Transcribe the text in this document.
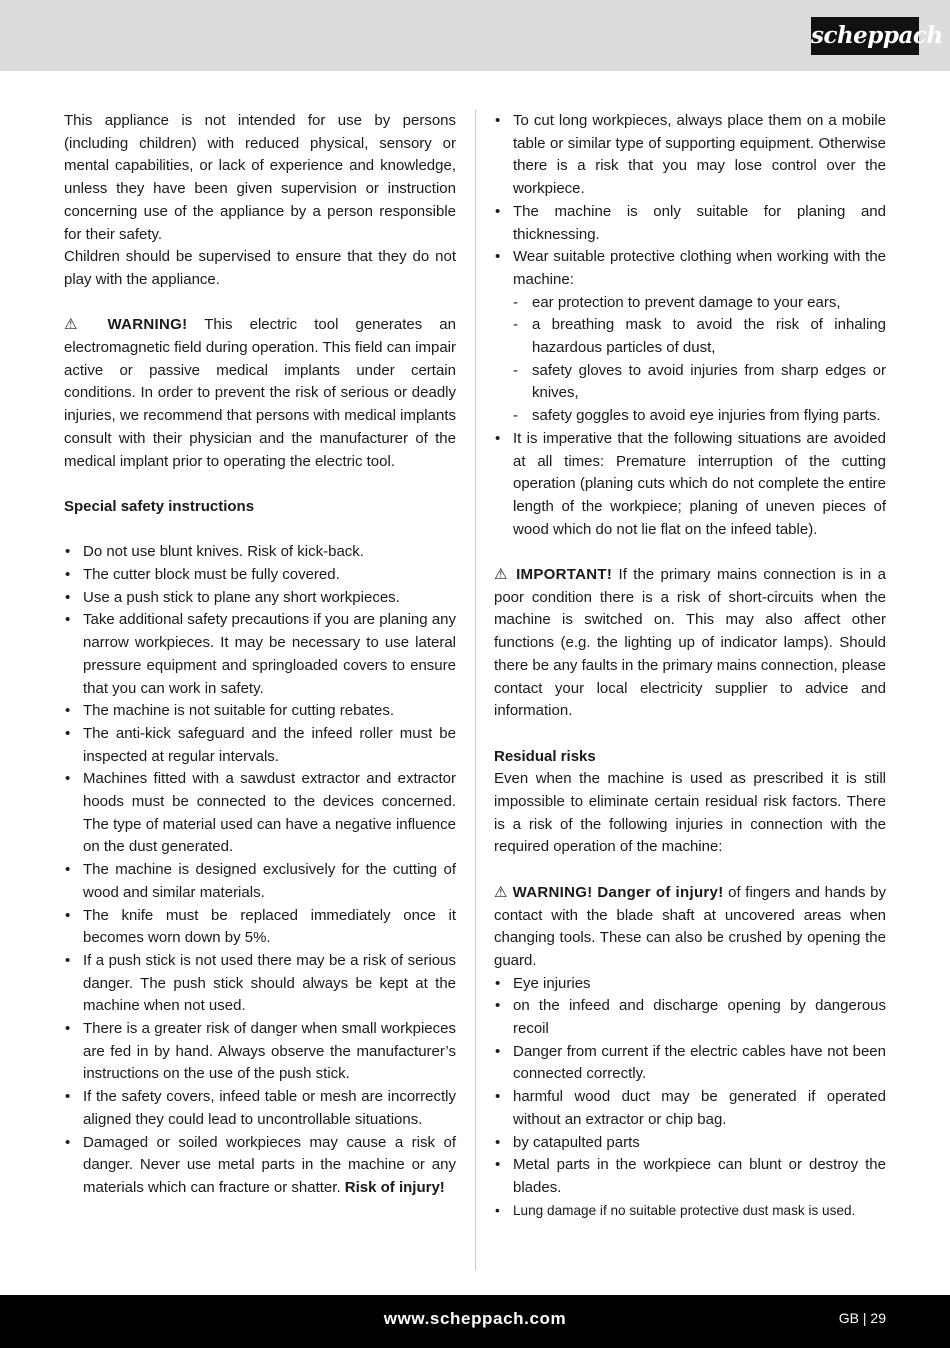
scheppach

This appliance is not intended for use by persons (including children) with reduced physical, sensory or mental capabilities, or lack of experience and knowledge, unless they have been given supervision or instruction concerning use of the appliance by a person responsible for their safety.

Children should be supervised to ensure that they do not play with the appliance.

⚠ WARNING! This electric tool generates an electromagnetic field during operation. This field can impair active or passive medical implants under certain conditions. In order to prevent the risk of serious or deadly injuries, we recommend that persons with medical implants consult with their physician and the manufacturer of the medical implant prior to operating the electric tool.

Special safety instructions

• Do not use blunt knives. Risk of kick-back.
• The cutter block must be fully covered.
• Use a push stick to plane any short workpieces.
• Take additional safety precautions if you are planing any narrow workpieces. It may be necessary to use lateral pressure equipment and springloaded covers to ensure that you can work in safety.
• The machine is not suitable for cutting rebates.
• The anti-kick safeguard and the infeed roller must be inspected at regular intervals.
• Machines fitted with a sawdust extractor and extractor hoods must be connected to the devices concerned. The type of material used can have a negative influence on the dust generated.
• The machine is designed exclusively for the cutting of wood and similar materials.
• The knife must be replaced immediately once it becomes worn down by 5%.
• If a push stick is not used there may be a risk of serious danger. The push stick should always be kept at the machine when not used.
• There is a greater risk of danger when small workpieces are fed in by hand. Always observe the manufacturer’s instructions on the use of the push stick.
• If the safety covers, infeed table or mesh are incorrectly aligned they could lead to uncontrollable situations.
• Damaged or soiled workpieces may cause a risk of danger. Never use metal parts in the machine or any materials which can fracture or shatter. Risk of injury!
• To cut long workpieces, always place them on a mobile table or similar type of supporting equipment. Otherwise there is a risk that you may lose control over the workpiece.
• The machine is only suitable for planing and thicknessing.
• Wear suitable protective clothing when working with the machine:
- ear protection to prevent damage to your ears,
- a breathing mask to avoid the risk of inhaling hazardous particles of dust,
- safety gloves to avoid injuries from sharp edges or knives,
- safety goggles to avoid eye injuries from flying parts.
• It is imperative that the following situations are avoided at all times: Premature interruption of the cutting operation (planing cuts which do not complete the entire length of the workpiece; planing of uneven pieces of wood which do not lie flat on the infeed table).

⚠ IMPORTANT! If the primary mains connection is in a poor condition there is a risk of short-circuits when the machine is switched on. This may also affect other functions (e.g. the lighting up of indicator lamps). Should there be any faults in the primary mains connection, please contact your local electricity supplier to advice and information.

Residual risks

Even when the machine is used as prescribed it is still impossible to eliminate certain residual risk factors. There is a risk of the following injuries in connection with the required operation of the machine:

⚠ WARNING! Danger of injury! of fingers and hands by contact with the blade shaft at uncovered areas when changing tools. These can also be crushed by opening the guard.

• Eye injuries
• on the infeed and discharge opening by dangerous recoil
• Danger from current if the electric cables have not been connected correctly.
• harmful wood duct may be generated if operated without an extractor or chip bag.
• by catapulted parts
• Metal parts in the workpiece can blunt or destroy the blades.
• Lung damage if no suitable protective dust mask is used.
www.scheppach.com	GB | 29
